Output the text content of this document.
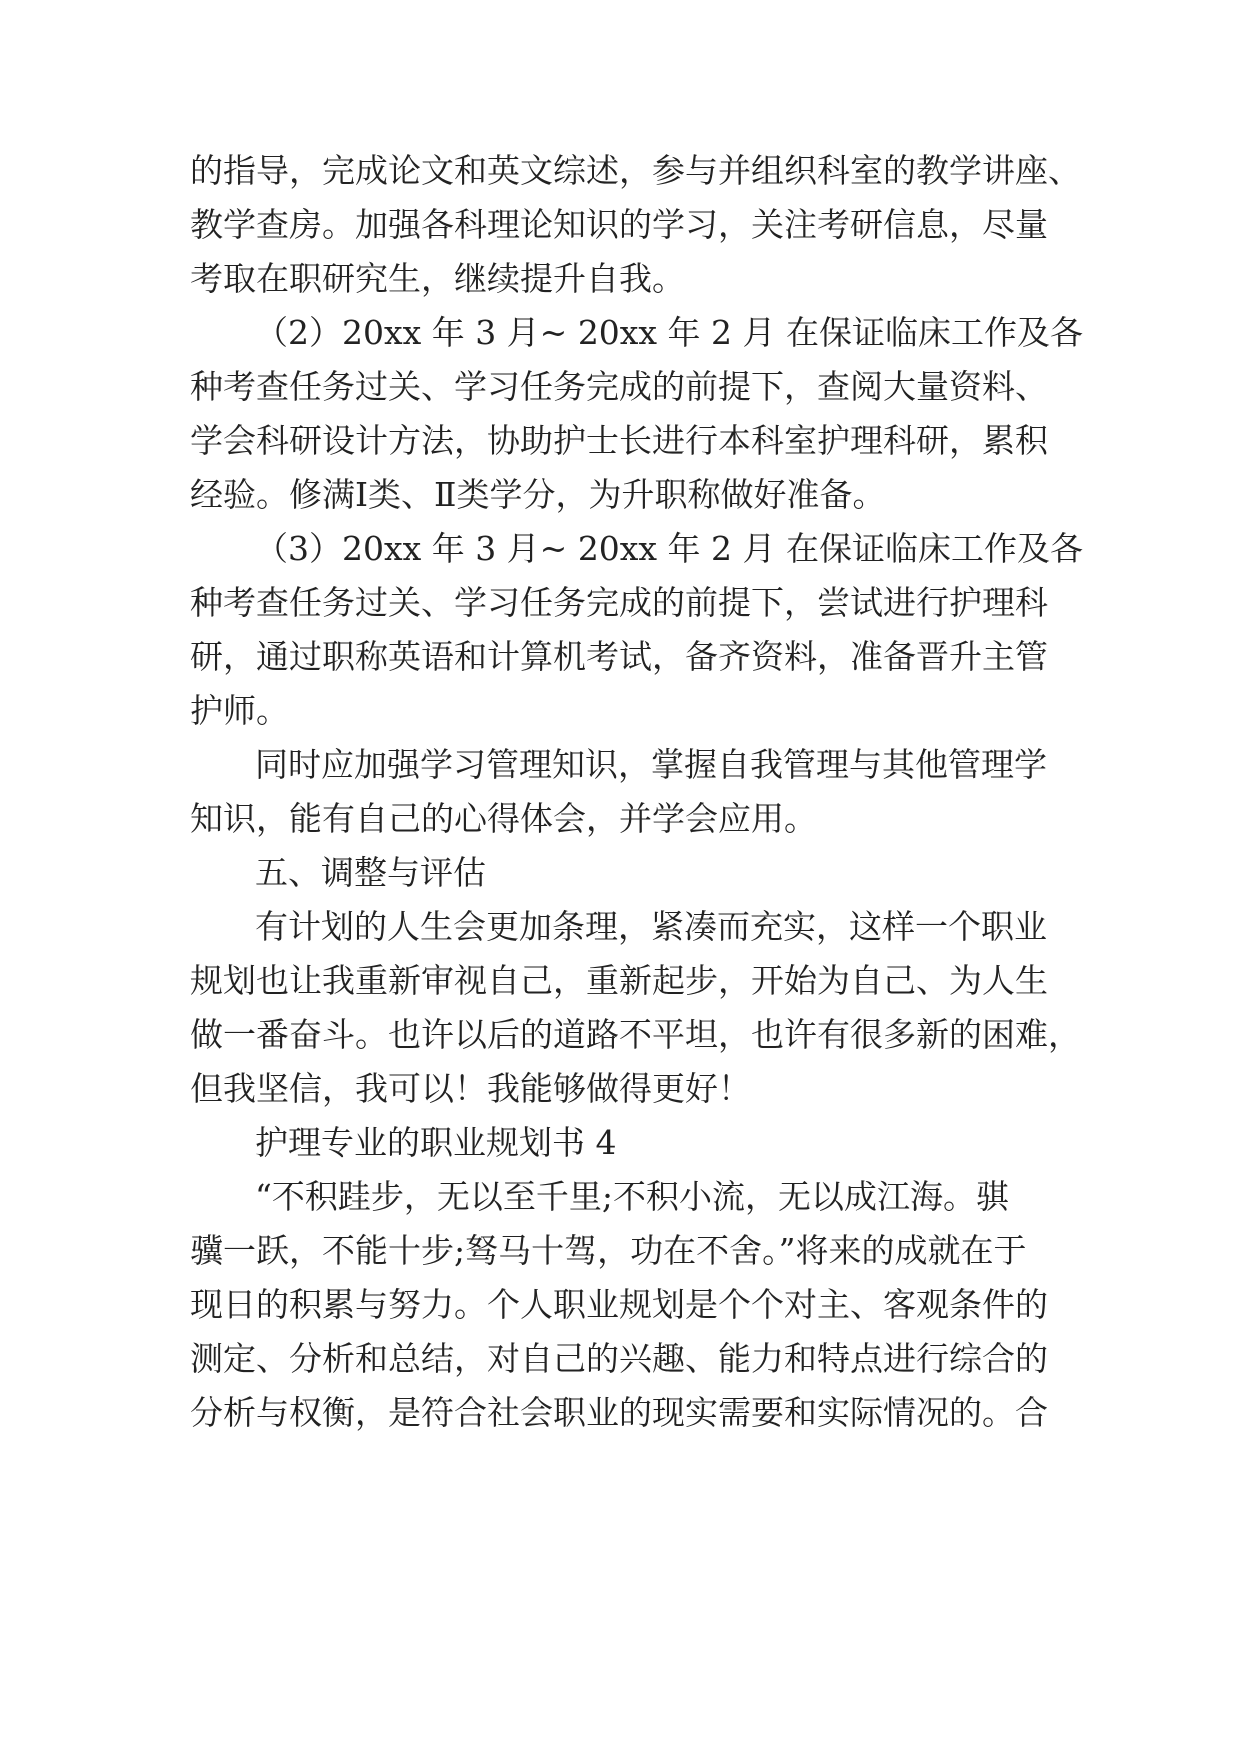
的指导，完成论文和英文综述，参与并组织科室的教学讲座、
教学查房。加强各科理论知识的学习，关注考研信息，尽量
考取在职研究生，继续提升自我。
（2）20xx 年 3 月~ 20xx 年 2 月 在保证临床工作及各
种考查任务过关、学习任务完成的前提下，查阅大量资料、
学会科研设计方法，协助护士长进行本科室护理科研，累积
经验。修满Ⅰ类、Ⅱ类学分，为升职称做好准备。
（3）20xx 年 3 月~ 20xx 年 2 月 在保证临床工作及各
种考查任务过关、学习任务完成的前提下，尝试进行护理科
研，通过职称英语和计算机考试，备齐资料，准备晋升主管
护师。
同时应加强学习管理知识，掌握自我管理与其他管理学
知识，能有自己的心得体会，并学会应用。
五、调整与评估
有计划的人生会更加条理，紧凑而充实，这样一个职业
规划也让我重新审视自己，重新起步，开始为自己、为人生
做一番奋斗。也许以后的道路不平坦，也许有很多新的困难，
但我坚信，我可以！我能够做得更好！
护理专业的职业规划书 4
“不积跬步，无以至千里;不积小流，无以成江海。骐
骥一跃，不能十步;驽马十驾，功在不舍。”将来的成就在于
现日的积累与努力。个人职业规划是个个对主、客观条件的
测定、分析和总结，对自己的兴趣、能力和特点进行综合的
分析与权衡，是符合社会职业的现实需要和实际情况的。合
